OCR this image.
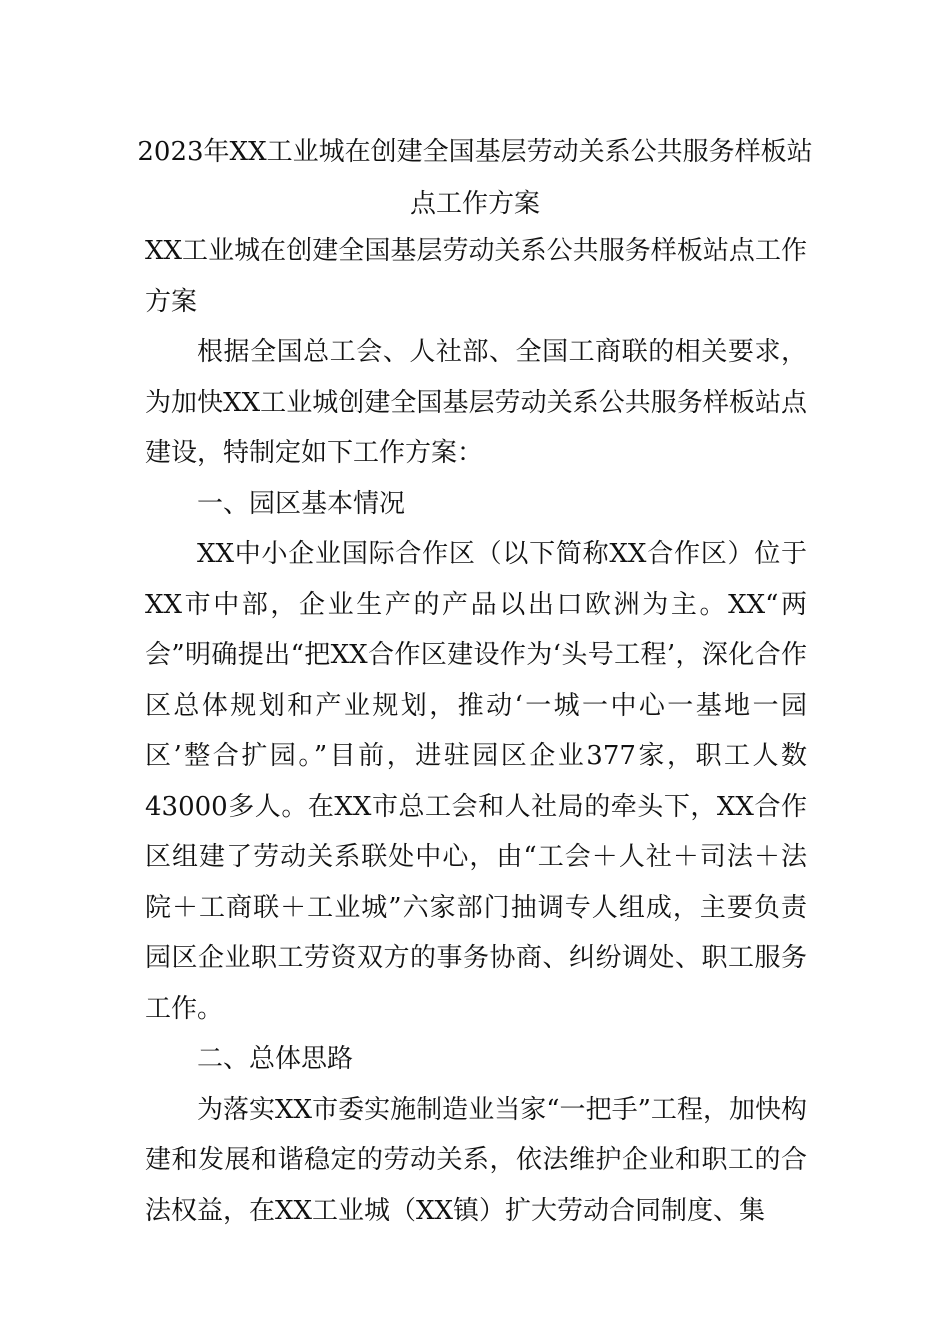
2023年XX工业城在创建全国基层劳动关系公共服务样板站点工作方案

XX工业城在创建全国基层劳动关系公共服务样板站点工作方案

根据全国总工会、人社部、全国工商联的相关要求，为加快XX工业城创建全国基层劳动关系公共服务样板站点建设，特制定如下工作方案：

一、园区基本情况

XX中小企业国际合作区（以下简称XX合作区）位于XX市中部，企业生产的产品以出口欧洲为主。XX“两会”明确提出“把XX合作区建设作为‘头号工程’，深化合作区总体规划和产业规划，推动‘一城一中心一基地一园区’整合扩园。”目前，进驻园区企业377家，职工人数43000多人。在XX市总工会和人社局的牵头下，XX合作区组建了劳动关系联处中心，由“工会＋人社＋司法＋法院＋工商联＋工业城”六家部门抽调专人组成，主要负责园区企业职工劳资双方的事务协商、纠纷调处、职工服务工作。

二、总体思路

为落实XX市委实施制造业当家“一把手”工程，加快构建和发展和谐稳定的劳动关系，依法维护企业和职工的合法权益，在XX工业城（XX镇）扩大劳动合同制度、集
